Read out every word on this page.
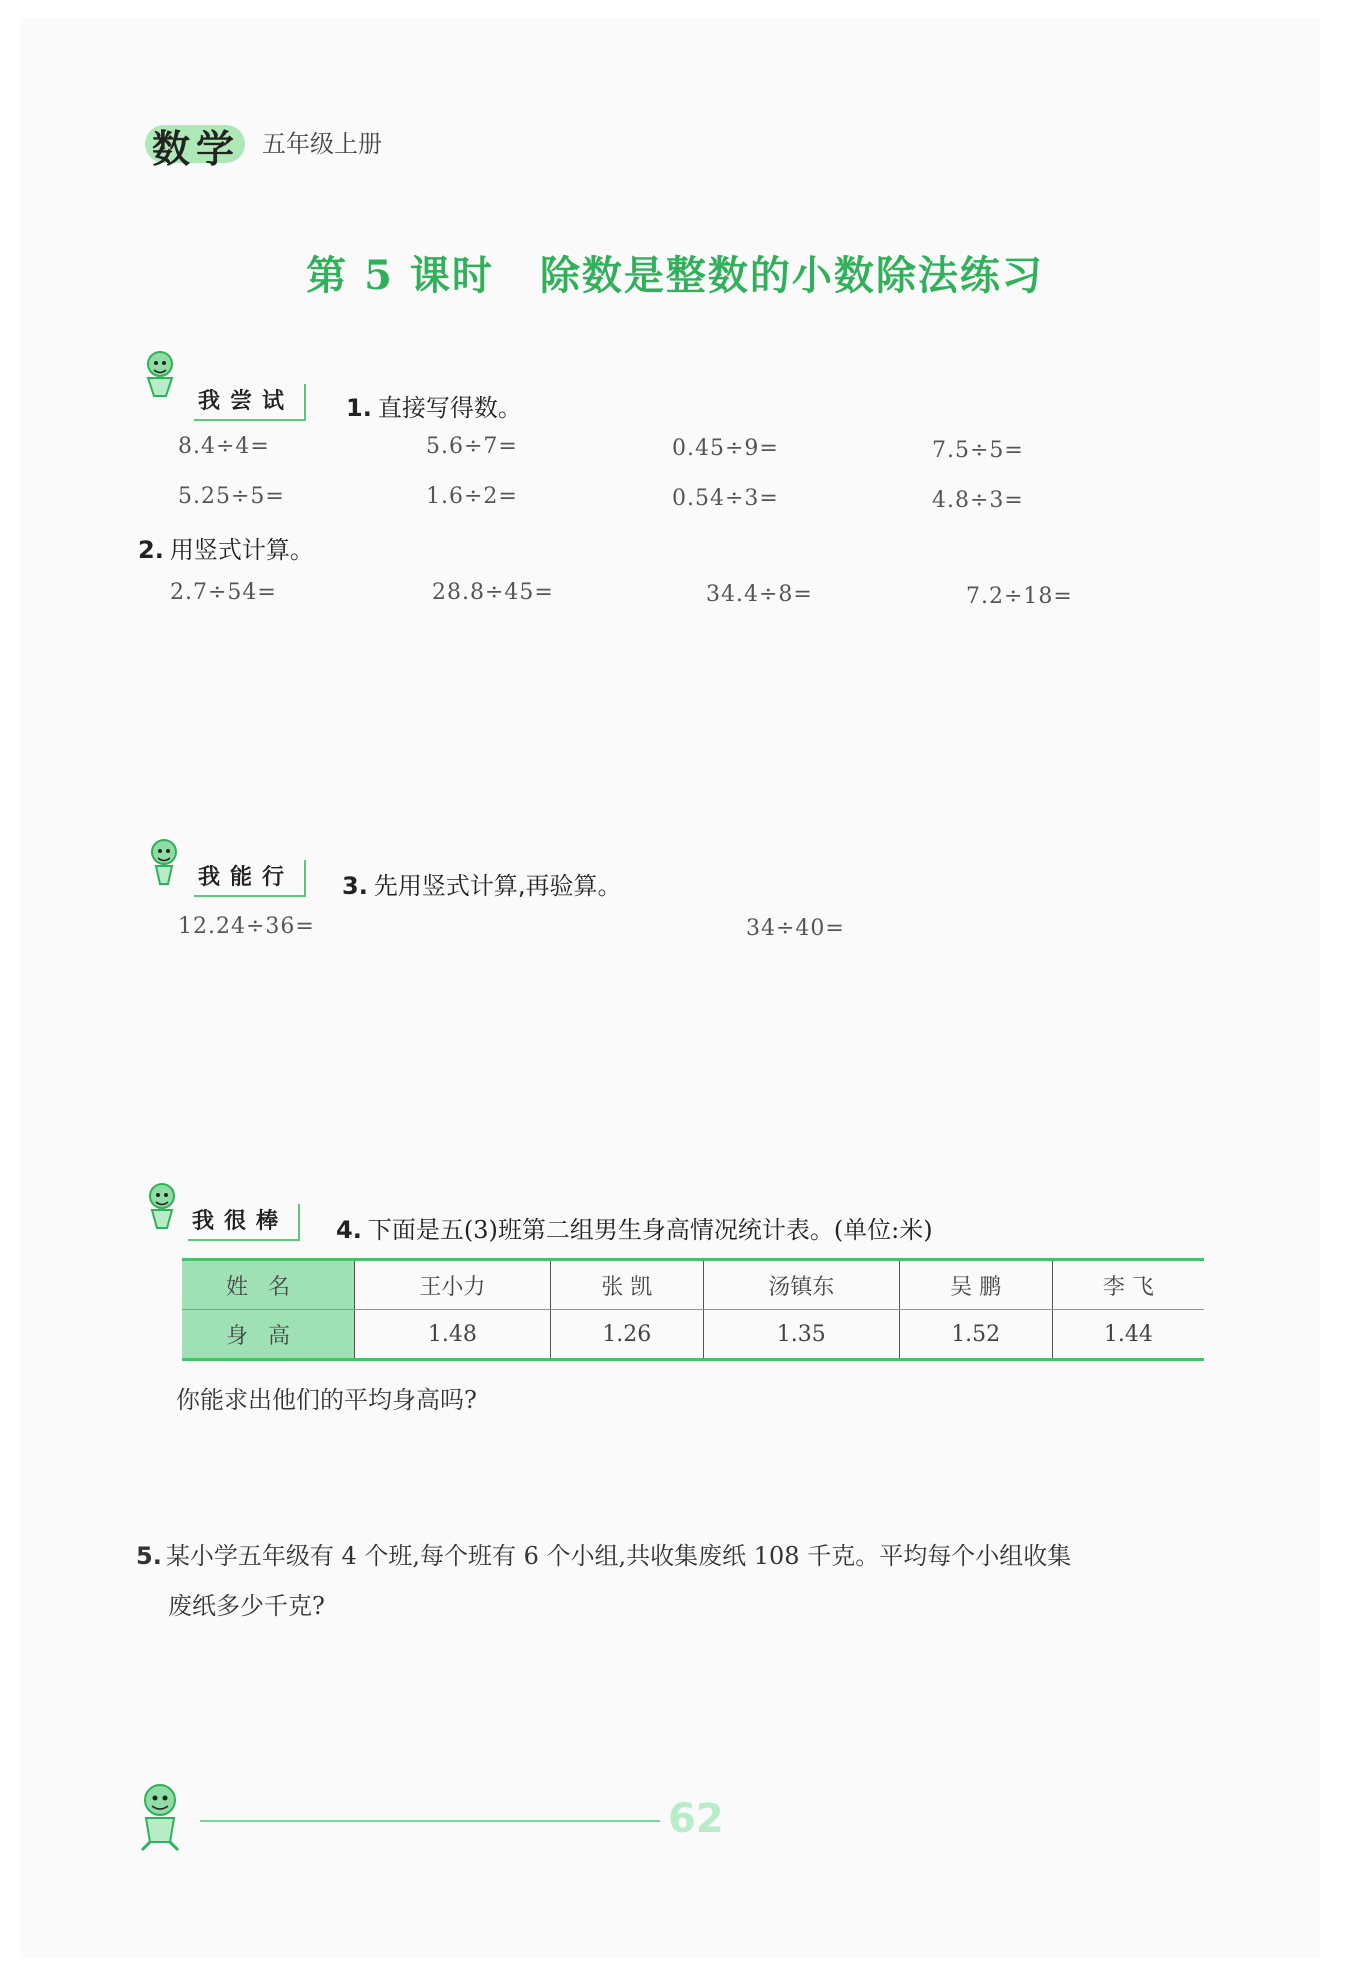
数学 五年级上册
第 5 课时 除数是整数的小数除法练习
我尝试	1. 直接写得数。
8.4÷4=	5.6÷7=	0.45÷9=	7.5÷5=
5.25÷5=	1.6÷2=	0.54÷3=	4.8÷3=
2. 用竖式计算。
2.7÷54=	28.8÷45=	34.4÷8=	7.2÷18=
我能行	3. 先用竖式计算,再验算。
12.24÷36=	34÷40=
我很棒	4. 下面是五(3)班第二组男生身高情况统计表。(单位:米)
姓名	王小力	张 凯	汤镇东	吴 鹏	李 飞
身高	1.48	1.26	1.35	1.52	1.44
你能求出他们的平均身高吗?
5. 某小学五年级有 4 个班,每个班有 6 个小组,共收集废纸 108 千克。平均每个小组收集
废纸多少千克?
62
